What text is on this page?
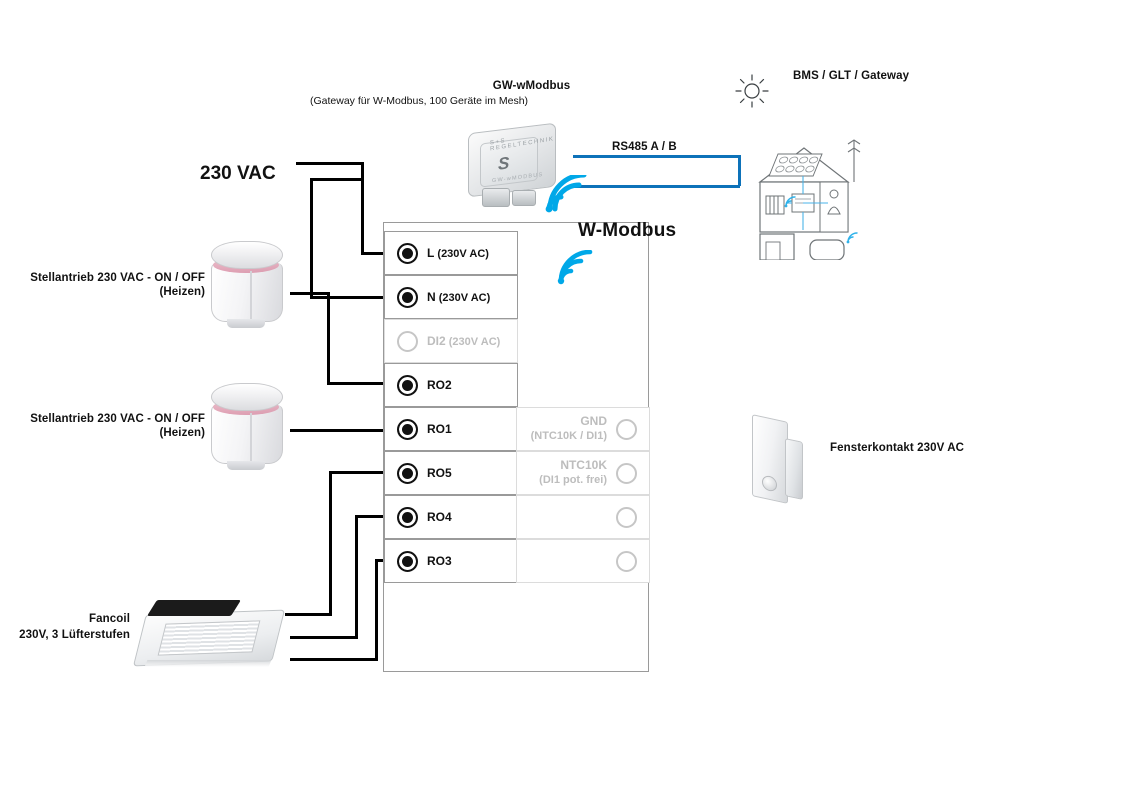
L (230V AC)
N (230V AC)
DI2 (230V AC)
RO2
RO1
RO5
RO4
RO3
GND
(NTC10K / DI1)
NTC10K
(DI1 pot. frei)
S+S REGELTECHNIK
S
GW-wMODBUS
230 VAC
GW-wModbus
(Gateway für W-Modbus, 100 Geräte im Mesh)
RS485 A / B
BMS / GLT / Gateway
W-Modbus
Stellantrieb 230 VAC - ON / OFF
(Heizen)
Stellantrieb 230 VAC - ON / OFF
(Heizen)
Fancoil
230V, 3 Lüfterstufen
Fensterkontakt 230V AC
